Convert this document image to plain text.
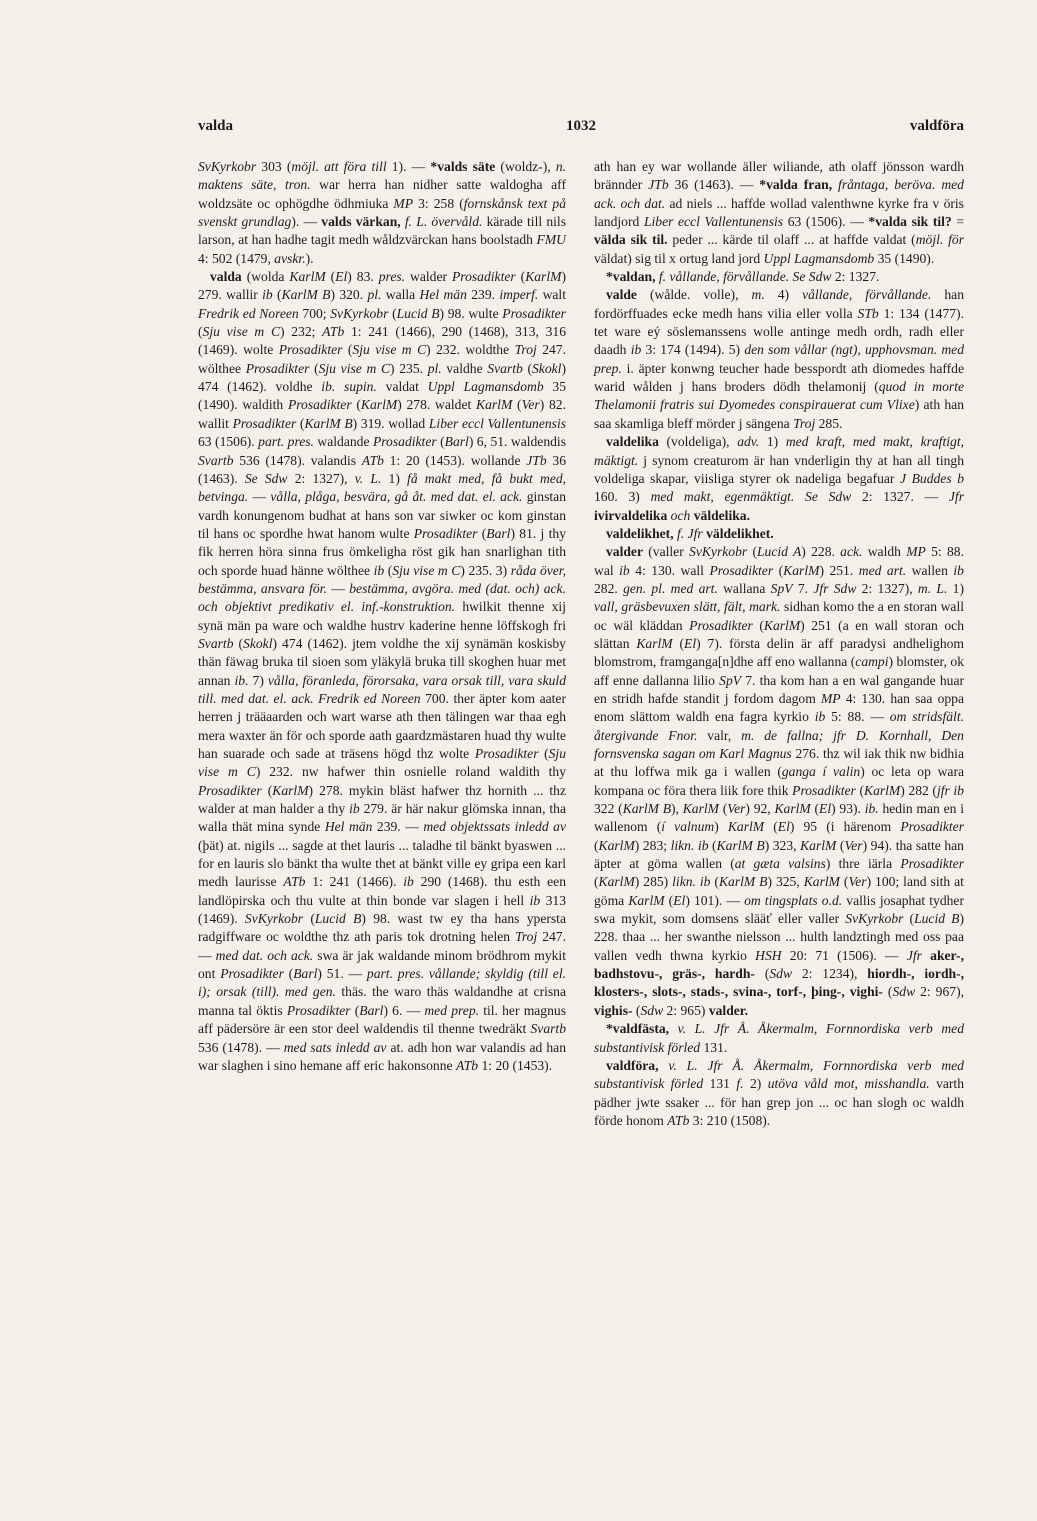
valda	1032	valdföra

SvKyrkobr 303 (möjl. att föra till 1). — *valds säte (woldz-), n. maktens säte, tron. war herra han nidher satte waldogha aff woldzsäte oc ophögdhe ödhmiuka MP 3: 258 (fornskånsk text på svenskt grundlag). — valds värkan, f. L. övervåld. kärade till nils larson, at han hadhe tagit medh wåldzvärckan hans boolstadh FMU 4: 502 (1479, avskr.).

valda (wolda KarlM (El) 83. pres. walder Prosadikter (KarlM) 279. wallir ib (KarlM B) 320. pl. walla Hel män 239. imperf. walt Fredrik ed Noreen 700; SvKyrkobr (Lucid B) 98. wulte Prosadikter (Sju vise m C) 232; ATb 1: 241 (1466), 290 (1468), 313, 316 (1469). wolte Prosadikter (Sju vise m C) 232. woldthe Troj 247. wölthee Prosadikter (Sju vise m C) 235. pl. valdhe Svartb (Skokl) 474 (1462). voldhe ib. supin. valdat Uppl Lagmansdomb 35 (1490). waldith Prosadikter (KarlM) 278. waldet KarlM (Ver) 82. wallit Prosadikter (KarlM B) 319. wollad Liber eccl Vallentunensis 63 (1506). part. pres. waldande Prosadikter (Barl) 6, 51. waldendis Svartb 536 (1478). valandis ATb 1: 20 (1453). wollande JTb 36 (1463). Se Sdw 2: 1327), v. L. 1) få makt med, få bukt med, betvinga. — vålla, plåga, besvära, gå åt. med dat. el. ack. ginstan vardh konungenom budhat at hans son var siwker oc kom ginstan til hans oc spordhe hwat hanom wulte Prosadikter (Barl) 81. j thy fik herren höra sinna frus ömkeligha röst gik han snarlighan tith och sporde huad hänne wölthee ib (Sju vise m C) 235. 3) råda över, bestämma, ansvara för. — bestämma, avgöra. med (dat. och) ack. och objektivt predikativ el. inf.-konstruktion. hwilkit thenne xij synä män pa ware och waldhe hustrv kaderine henne löffskogh fri Svartb (Skokl) 474 (1462). jtem voldhe the xij synämän koskisby thän fäwag bruka til sioen som yläkylä bruka till skoghen huar met annan ib. 7) vålla, föranleda, förorsaka, vara orsak till, vara skuld till. med dat. el. ack. Fredrik ed Noreen 700. ther äpter kom aater herren j trääaarden och wart warse ath then tälingen war thaa egh mera waxter än för och sporde aath gaardzmästaren huad thy wulte han suarade och sade at träsens högd thz wolte Prosadikter (Sju vise m C) 232. nw hafwer thin osnielle roland waldith thy Prosadikter (KarlM) 278. mykin bläst hafwer thz hornith ... thz walder at man halder a thy ib 279. är här nakur glömska innan, tha walla thät mina synde Hel män 239. — med objektssats inledd av (þät) at. nigils ... sagde at thet lauris ... taladhe til bänkt byaswen ... for en lauris slo bänkt tha wulte thet at bänkt ville ey gripa een karl medh laurisse ATb 1: 241 (1466). ib 290 (1468). thu esth een landlöpirska och thu vulte at thin bonde var slagen i hell ib 313 (1469). SvKyrkobr (Lucid B) 98. wast tw ey tha hans ypersta radgiffware oc woldthe thz ath paris tok drotning helen Troj 247. — med dat. och ack. swa är jak waldande minom brödhrom mykit ont Prosadikter (Barl) 51. — part. pres. vållande; skyldig (till el. i); orsak (till). med gen. thäs. the waro thäs waldandhe at crisna manna tal öktis Prosadikter (Barl) 6. — med prep. til. her magnus aff pädersöre är een stor deel waldendis til thenne twedräkt Svartb 536 (1478). — med sats inledd av at. adh hon war valandis ad han war slaghen i sino hemane aff eric hakonsonne ATb 1: 20 (1453).

ath han ey war wollande äller wiliande, ath olaff jönsson wardh brännder JTb 36 (1463). — *valda fran, fråntaga, beröva. med ack. och dat. ad niels ... haffde wollad valenthwne kyrke fra v öris landjord Liber eccl Vallentunensis 63 (1506). — *valda sik til? = välda sik til. peder ... kärde til olaff ... at haffde valdat (möjl. för väldat) sig til x ortug land jord Uppl Lagmansdomb 35 (1490).

*valdan, f. vållande, förvållande. Se Sdw 2: 1327.

valde (wålde. volle), m. 4) vållande, förvållande. han fordörffuades ecke medh hans vilia eller volla STb 1: 134 (1477). tet ware eý söslemanssens wolle antinge medh ordh, radh eller daadh ib 3: 174 (1494). 5) den som vållar (ngt), upphovsman. med prep. i. äpter konwng teucher hade besspordt ath diomedes haffde warid wålden j hans broders dödh thelamonij (quod in morte Thelamonii fratris sui Dyomedes conspirauerat cum Vlixe) ath han saa skamliga bleff mörder j sängena Troj 285.

valdelika (voldeliga), adv. 1) med kraft, med makt, kraftigt, mäktigt. j synom creaturom är han vnderligin thy at han all tingh voldeliga skapar, viisliga styrer ok nadeliga begafuar J Buddes b 160. 3) med makt, egenmäktigt. Se Sdw 2: 1327. — Jfr ivirvaldelika och väldelika.

valdelikhet, f. Jfr väldelikhet.

valder (valler SvKyrkobr (Lucid A) 228. ack. waldh MP 5: 88. wal ib 4: 130. wall Prosadikter (KarlM) 251. med art. wallen ib 282. gen. pl. med art. wallana SpV 7. Jfr Sdw 2: 1327), m. L. 1) vall, gräsbevuxen slätt, fält, mark. sidhan komo the a en storan wall oc wäl kläddan Prosadikter (KarlM) 251 (a en wall storan och slättan KarlM (El) 7). första delin är aff paradysi andhelighom blomstrom, framganga[n]dhe aff eno wallanna (campi) blomster, ok aff enne dallanna lilio SpV 7. tha kom han a en wal gangande huar en stridh hafde standit j fordom dagom MP 4: 130. han saa oppa enom slättom waldh ena fagra kyrkio ib 5: 88. — om stridsfält. återgivande Fnor. valr, m. de fallna; jfr D. Kornhall, Den fornsvenska sagan om Karl Magnus 276. thz wil iak thik nw bidhia at thu loffwa mik ga i wallen (ganga í valin) oc leta op wara kompana oc föra thera liik fore thik Prosadikter (KarlM) 282 (jfr ib 322 (KarlM B), KarlM (Ver) 92, KarlM (El) 93). ib. hedin man en i wallenom (í valnum) KarlM (El) 95 (i härenom Prosadikter (KarlM) 283; likn. ib (KarlM B) 323, KarlM (Ver) 94). tha satte han äpter at göma wallen (at gæta valsins) thre iärla Prosadikter (KarlM) 285) likn. ib (KarlM B) 325, KarlM (Ver) 100; land sith at göma KarlM (El) 101). — om tingsplats o.d. vallis josaphat tydher swa mykit, som domsens slääť eller valler SvKyrkobr (Lucid B) 228. thaa ... her swanthe nielsson ... hulth landztingh med oss paa vallen vedh thwna kyrkio HSH 20: 71 (1506). — Jfr aker-, badhstovu-, gräs-, hardh- (Sdw 2: 1234), hiordh-, iordh-, klosters-, slots-, stads-, svina-, torf-, þing-, vighi- (Sdw 2: 967), vighis- (Sdw 2: 965) valder.

*valdfästa, v. L. Jfr Å. Åkermalm, Fornnordiska verb med substantivisk förled 131.

valdföra, v. L. Jfr Å. Åkermalm, Fornnordiska verb med substantivisk förled 131 f. 2) utöva våld mot, misshandla. varth pädher jwte ssaker ... för han grep jon ... oc han slogh oc waldh förde honom ATb 3: 210 (1508).
